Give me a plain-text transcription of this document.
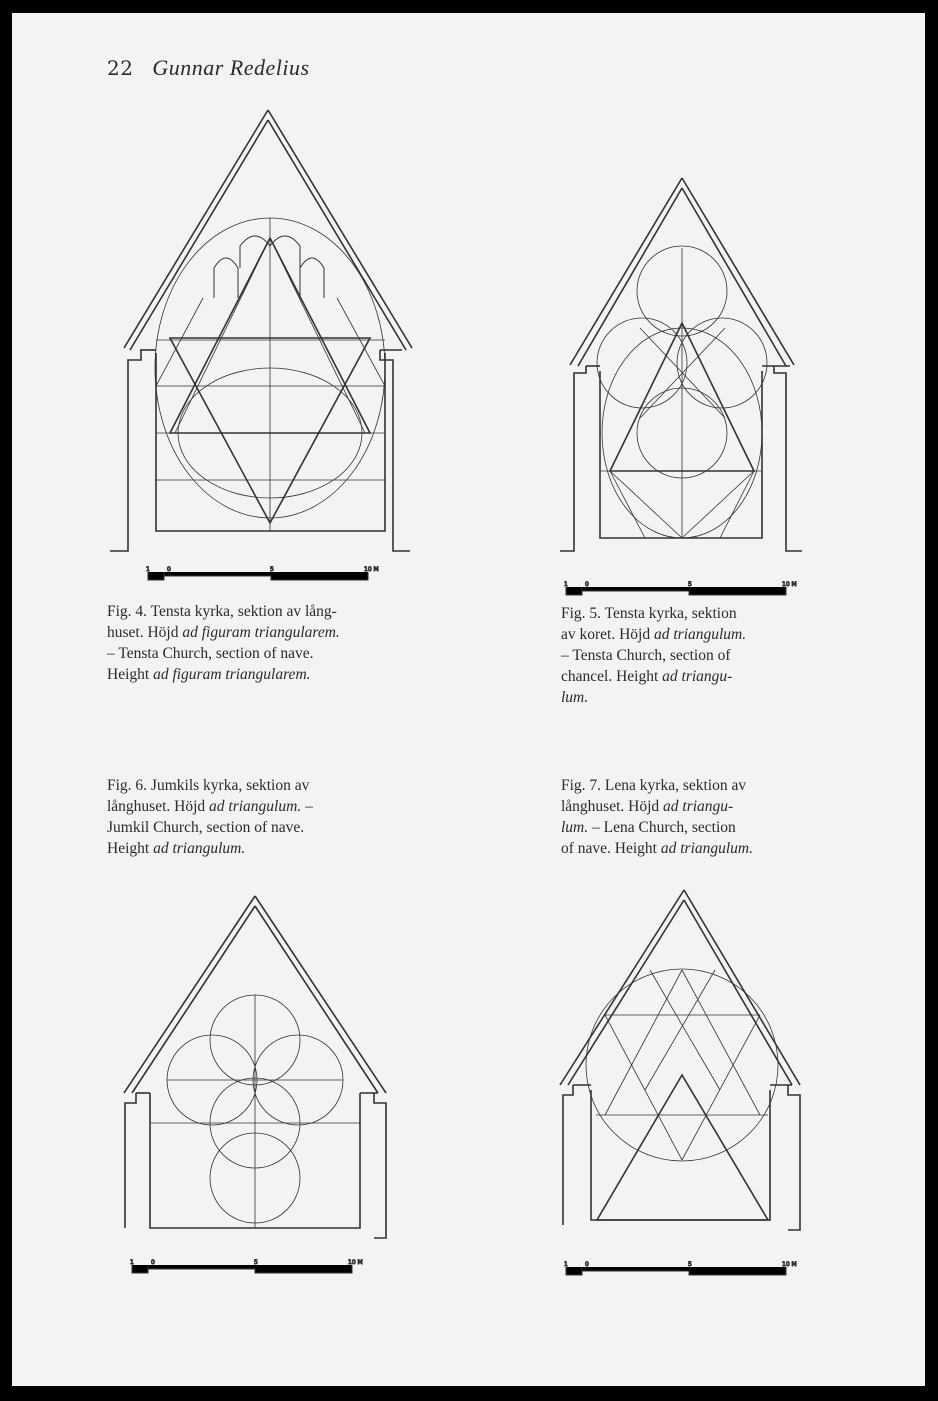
22 Gunnar Redelius
1	0	5	10 M
Fig. 4. Tensta kyrka, sektion av lång-
huset. Höjd ad figuram triangularem.
– Tensta Church, section of nave.
Height ad figuram triangularem.
1	0	5	10 M
Fig. 5. Tensta kyrka, sektion
av koret. Höjd ad triangulum.
– Tensta Church, section of
chancel. Height ad triangu-
lum.
Fig. 6. Jumkils kyrka, sektion av
långhuset. Höjd ad triangulum. –
Jumkil Church, section of nave.
Height ad triangulum.
Fig. 7. Lena kyrka, sektion av
långhuset. Höjd ad triangu-
lum. – Lena Church, section
of nave. Height ad triangulum.
1	0	5	10 M	1	0	5	10 M
